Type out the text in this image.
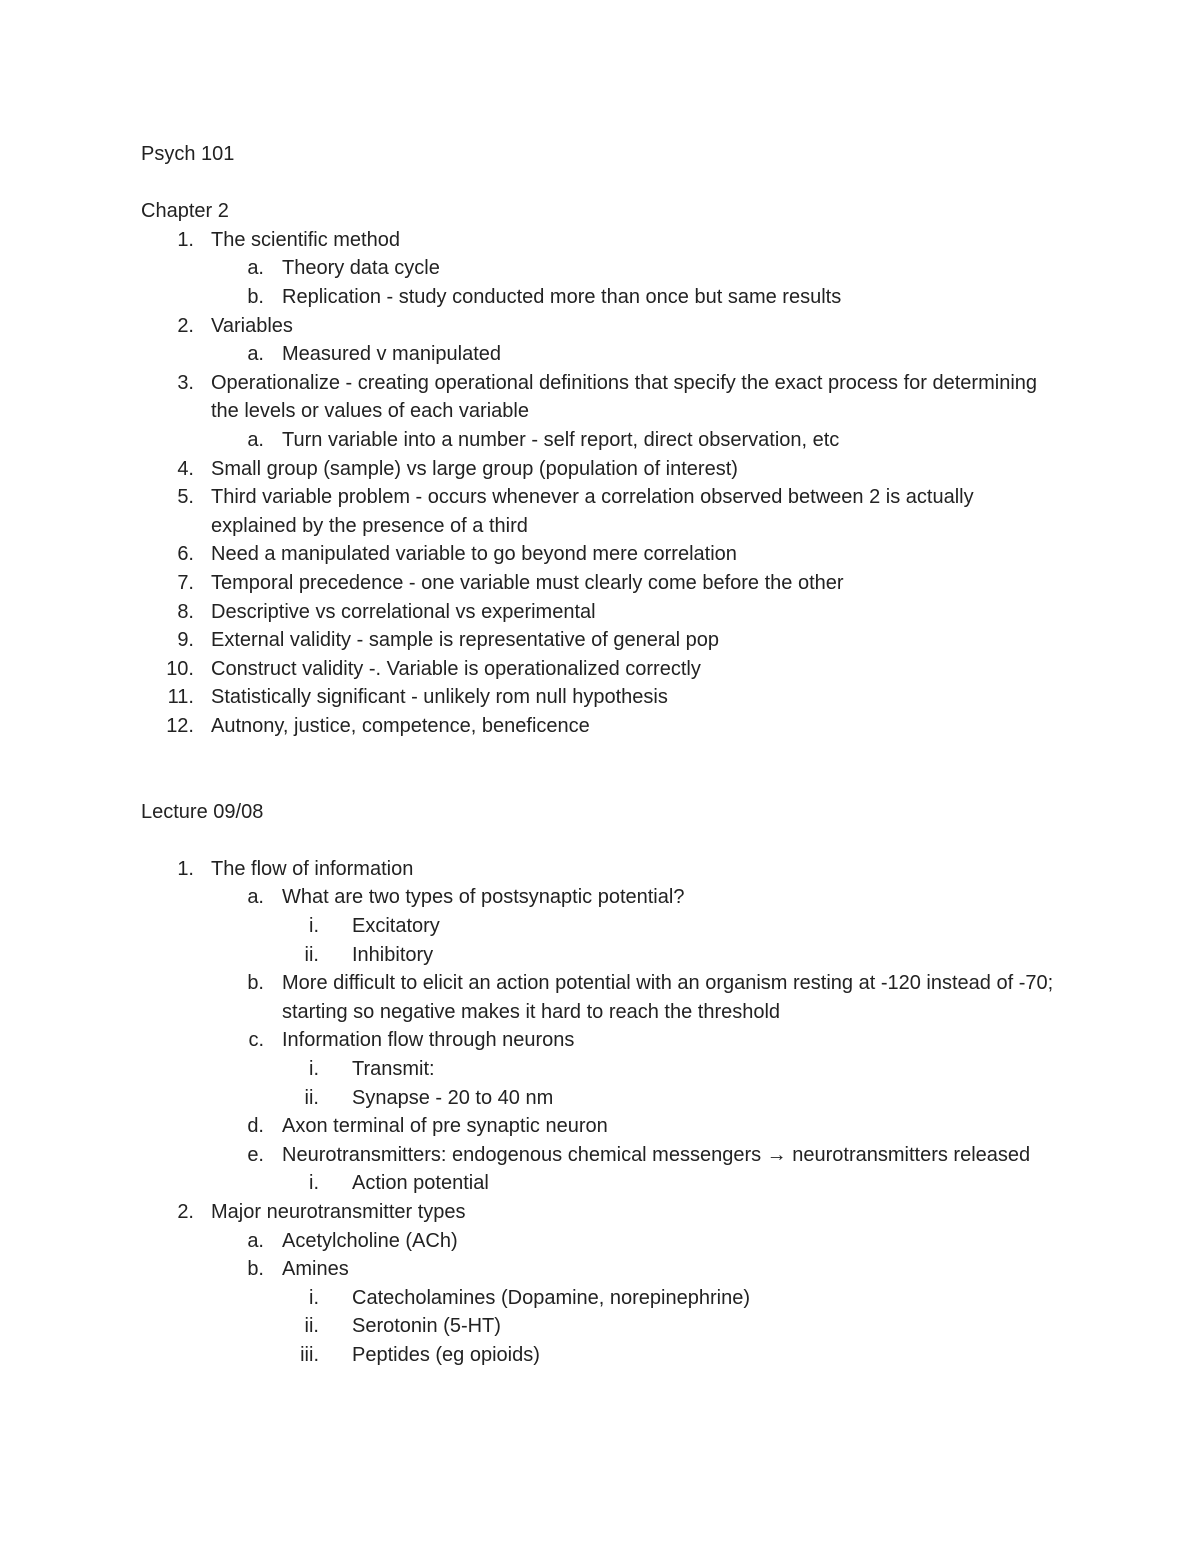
Psych 101
Chapter 2
1. The scientific method
a. Theory data cycle
b. Replication - study conducted more than once but same results
2. Variables
a. Measured v manipulated
3. Operationalize - creating operational definitions that specify the exact process for determining the levels or values of each variable
a. Turn variable into a number - self report, direct observation, etc
4. Small group (sample) vs large group (population of interest)
5. Third variable problem - occurs whenever a correlation observed between 2 is actually explained by the presence of a third
6. Need a manipulated variable to go beyond mere correlation
7. Temporal precedence - one variable must clearly come before the other
8. Descriptive vs correlational vs experimental
9. External validity - sample is representative of general pop
10. Construct validity -. Variable is operationalized correctly
11. Statistically significant - unlikely rom null hypothesis
12. Autnony, justice, competence, beneficence
Lecture 09/08
1. The flow of information
a. What are two types of postsynaptic potential?
i. Excitatory
ii. Inhibitory
b. More difficult to elicit an action potential with an organism resting at -120 instead of -70; starting so negative makes it hard to reach the threshold
c. Information flow through neurons
i. Transmit:
ii. Synapse - 20 to 40 nm
d. Axon terminal of pre synaptic neuron
e. Neurotransmitters: endogenous chemical messengers → neurotransmitters released
i. Action potential
2. Major neurotransmitter types
a. Acetylcholine (ACh)
b. Amines
i. Catecholamines (Dopamine, norepinephrine)
ii. Serotonin (5-HT)
iii. Peptides (eg opioids)
